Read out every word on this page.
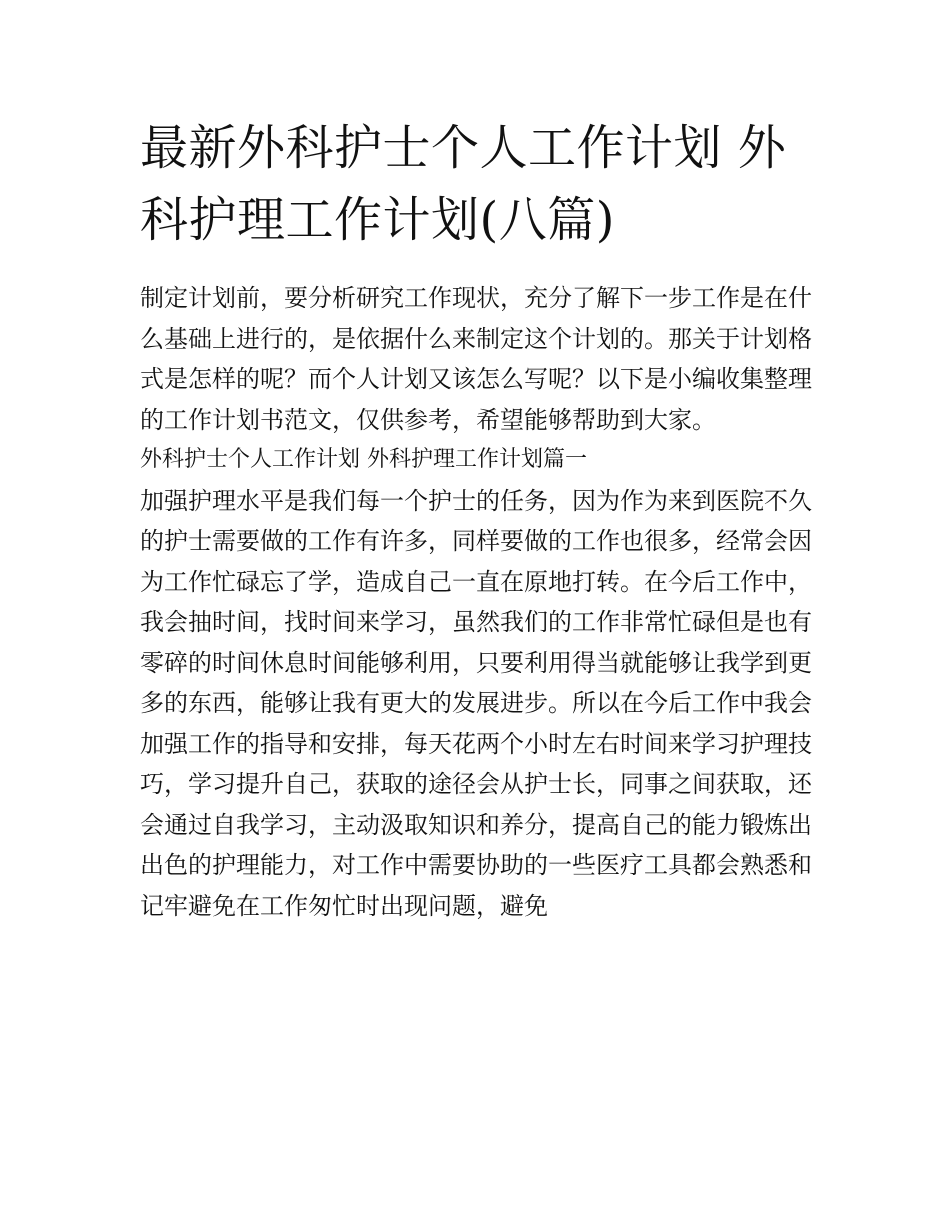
最新外科护士个人工作计划 外科护理工作计划(八篇)

制定计划前，要分析研究工作现状，充分了解下一步工作是在什么基础上进行的，是依据什么来制定这个计划的。那关于计划格式是怎样的呢？而个人计划又该怎么写呢？以下是小编收集整理的工作计划书范文，仅供参考，希望能够帮助到大家。

外科护士个人工作计划 外科护理工作计划篇一

加强护理水平是我们每一个护士的任务，因为作为来到医院不久的护士需要做的工作有许多，同样要做的工作也很多，经常会因为工作忙碌忘了学，造成自己一直在原地打转。在今后工作中，我会抽时间，找时间来学习，虽然我们的工作非常忙碌但是也有零碎的时间休息时间能够利用，只要利用得当就能够让我学到更多的东西，能够让我有更大的发展进步。所以在今后工作中我会加强工作的指导和安排，每天花两个小时左右时间来学习护理技巧，学习提升自己，获取的途径会从护士长，同事之间获取，还会通过自我学习，主动汲取知识和养分，提高自己的能力锻炼出出色的护理能力，对工作中需要协助的一些医疗工具都会熟悉和记牢避免在工作匆忙时出现问题，避免
